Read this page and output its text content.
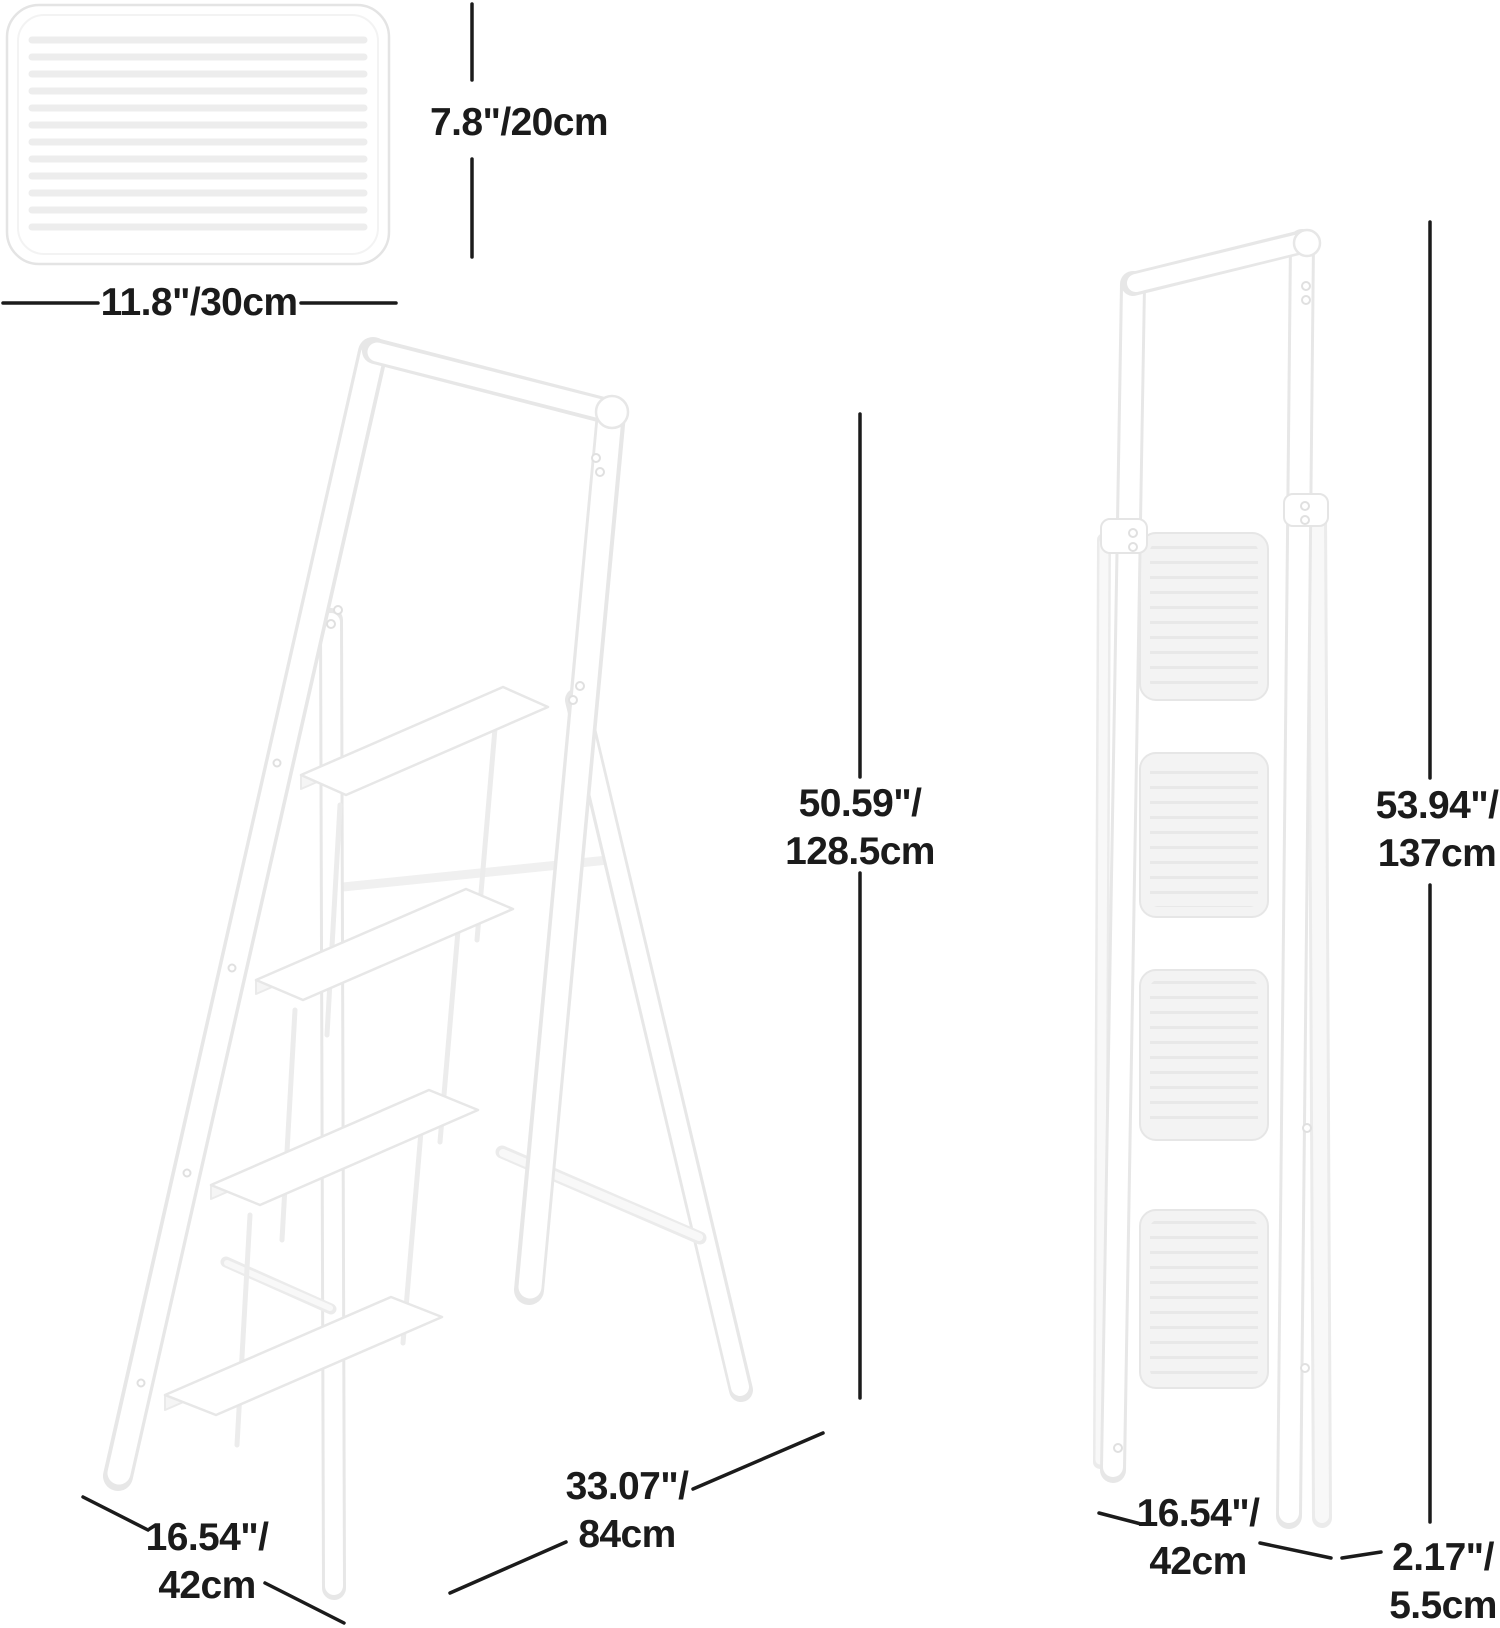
11.8"/30cm
7.8"/20cm
50.59"/
128.5cm
53.94"/
137cm
16.54"/
42cm
33.07"/
84cm	16.54"/
42cm	2.17"/
5.5cm
